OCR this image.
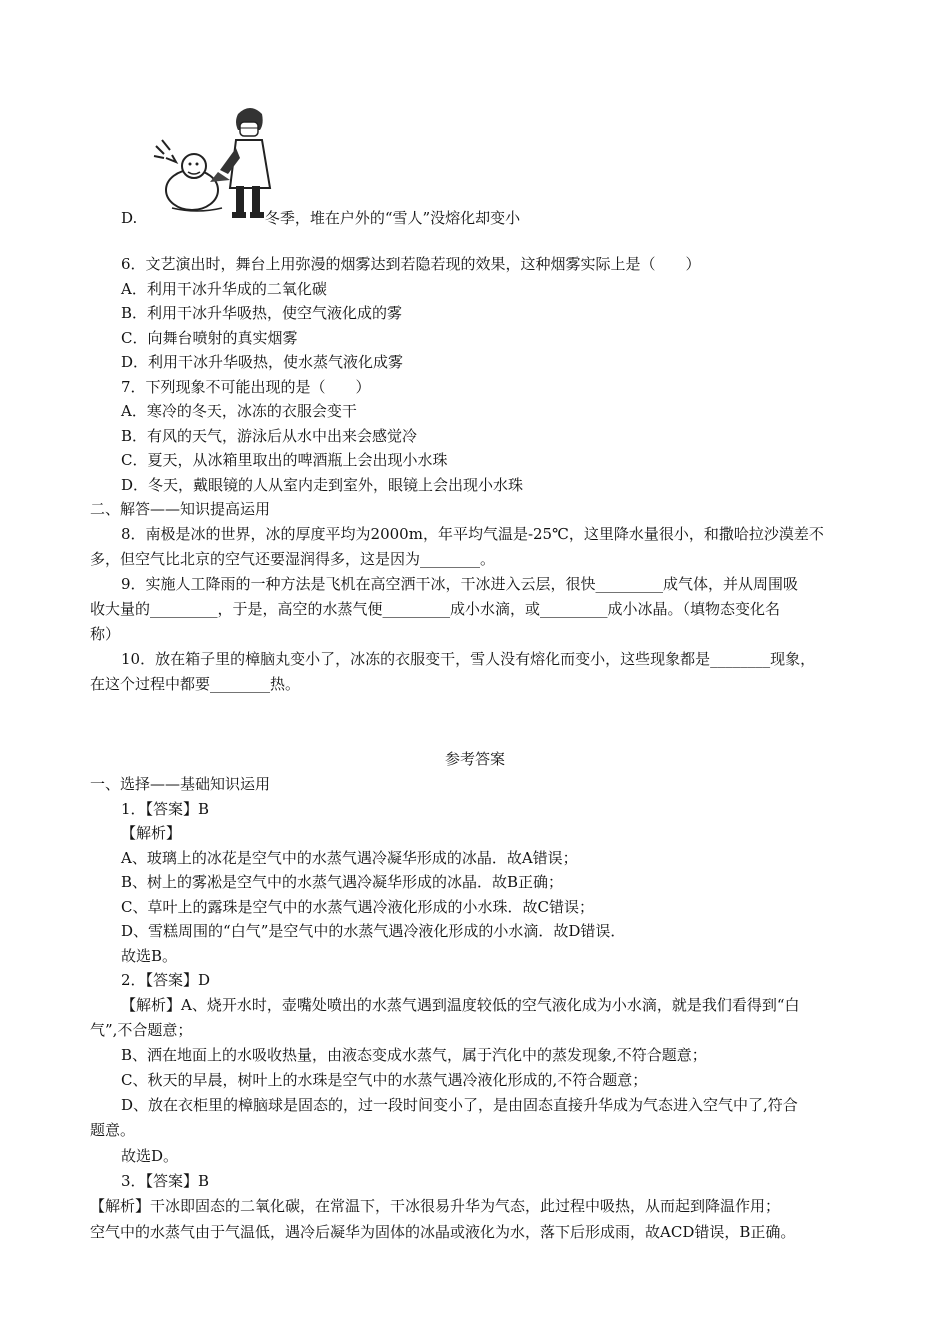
D.	冬季，堆在户外的“雪人”没熔化却变小
6．文艺演出时，舞台上用弥漫的烟雾达到若隐若现的效果，这种烟雾实际上是（　　）
A．利用干冰升华成的二氧化碳
B．利用干冰升华吸热，使空气液化成的雾
C．向舞台喷射的真实烟雾
D．利用干冰升华吸热，使水蒸气液化成雾
7．下列现象不可能出现的是（　　）
A．寒冷的冬天，冰冻的衣服会变干
B．有风的天气，游泳后从水中出来会感觉冷
C．夏天，从冰箱里取出的啤酒瓶上会出现小水珠
D．冬天，戴眼镜的人从室内走到室外，眼镜上会出现小水珠
二、解答——知识提高运用
8．南极是冰的世界，冰的厚度平均为2000m，年平均气温是-25℃，这里降水量很小，和撒哈拉沙漠差不
多，但空气比北京的空气还要湿润得多，这是因为________。
9．实施人工降雨的一种方法是飞机在高空洒干冰，干冰进入云层，很快_________成气体，并从周围吸
收大量的_________，于是，高空的水蒸气便_________成小水滴，或_________成小冰晶。（填物态变化名
称）
10．放在箱子里的樟脑丸变小了，冰冻的衣服变干，雪人没有熔化而变小，这些现象都是________现象，
在这个过程中都要________热。
参考答案
一、选择——基础知识运用
1．【答案】B
【解析】
A、玻璃上的冰花是空气中的水蒸气遇冷凝华形成的冰晶．故A错误；
B、树上的雾凇是空气中的水蒸气遇冷凝华形成的冰晶．故B正确；
C、草叶上的露珠是空气中的水蒸气遇冷液化形成的小水珠．故C错误；
D、雪糕周围的“白气”是空气中的水蒸气遇冷液化形成的小水滴．故D错误．
故选B。
2．【答案】D
【解析】A、烧开水时，壶嘴处喷出的水蒸气遇到温度较低的空气液化成为小水滴，就是我们看得到“白
气”,不合题意；
B、洒在地面上的水吸收热量，由液态变成水蒸气，属于汽化中的蒸发现象,不符合题意；
C、秋天的早晨，树叶上的水珠是空气中的水蒸气遇冷液化形成的,不符合题意；
D、放在衣柜里的樟脑球是固态的，过一段时间变小了，是由固态直接升华成为气态进入空气中了,符合
题意。
故选D。
3．【答案】B
【解析】干冰即固态的二氧化碳，在常温下，干冰很易升华为气态，此过程中吸热，从而起到降温作用；
空气中的水蒸气由于气温低，遇冷后凝华为固体的冰晶或液化为水，落下后形成雨，故ACD错误，B正确。
